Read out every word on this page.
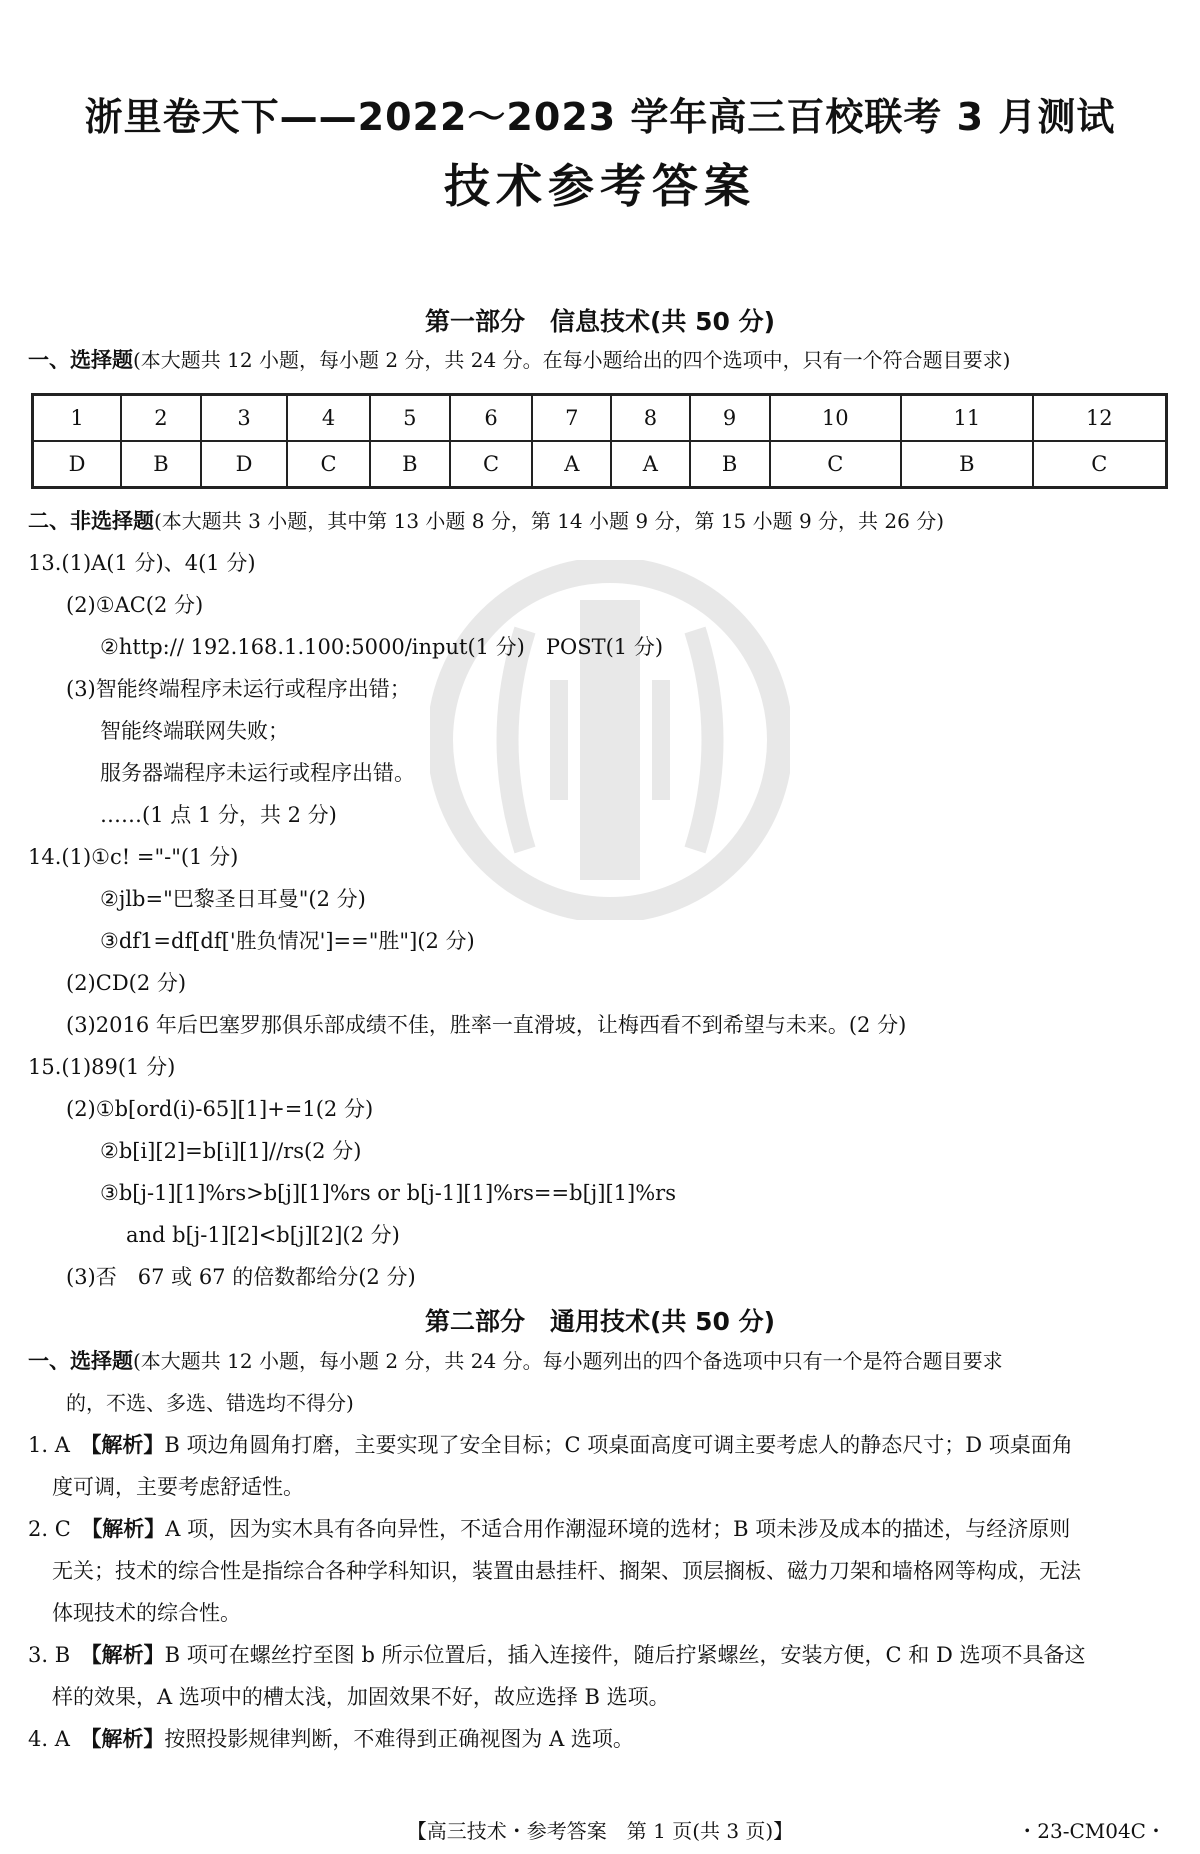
浙里卷天下——2022～2023 学年高三百校联考 3 月测试
技术参考答案
第一部分　信息技术(共 50 分)
一、选择题(本大题共 12 小题，每小题 2 分，共 24 分。在每小题给出的四个选项中，只有一个符合题目要求)
1	2	3	4	5	6	7	8	9	10	11	12
D	B	D	C	B	C	A	A	B	C	B	C
二、非选择题(本大题共 3 小题，其中第 13 小题 8 分，第 14 小题 9 分，第 15 小题 9 分，共 26 分)
13.(1)A(1 分)、4(1 分)
(2)①AC(2 分)
②http:// 192.168.1.100:5000/input(1 分)　POST(1 分)
(3)智能终端程序未运行或程序出错；
智能终端联网失败；
服务器端程序未运行或程序出错。
……(1 点 1 分，共 2 分)
14.(1)①c! ="-"(1 分)
②jlb="巴黎圣日耳曼"(2 分)
③df1=df[df['胜负情况']=="胜"](2 分)
(2)CD(2 分)
(3)2016 年后巴塞罗那俱乐部成绩不佳，胜率一直滑坡，让梅西看不到希望与未来。(2 分)
15.(1)89(1 分)
(2)①b[ord(i)-65][1]+=1(2 分)
②b[i][2]=b[i][1]//rs(2 分)
③b[j-1][1]%rs>b[j][1]%rs or b[j-1][1]%rs==b[j][1]%rs
and b[j-1][2]<b[j][2](2 分)
(3)否　67 或 67 的倍数都给分(2 分)
第二部分　通用技术(共 50 分)
一、选择题(本大题共 12 小题，每小题 2 分，共 24 分。每小题列出的四个备选项中只有一个是符合题目要求
的，不选、多选、错选均不得分)
1. A　 【解析】B 项边角圆角打磨，主要实现了安全目标；C 项桌面高度可调主要考虑人的静态尺寸；D 项桌面角
度可调，主要考虑舒适性。
2. C　 【解析】A 项，因为实木具有各向异性，不适合用作潮湿环境的选材；B 项未涉及成本的描述，与经济原则
无关；技术的综合性是指综合各种学科知识，装置由悬挂杆、搁架、顶层搁板、磁力刀架和墙格网等构成，无法
体现技术的综合性。
3. B　 【解析】B 项可在螺丝拧至图 b 所示位置后，插入连接件，随后拧紧螺丝，安装方便，C 和 D 选项不具备这
样的效果，A 选项中的槽太浅，加固效果不好，故应选择 B 选项。
4. A　 【解析】按照投影规律判断，不难得到正确视图为 A 选项。
【高三技术・参考答案　第 1 页(共 3 页)】	・23-CM04C・
